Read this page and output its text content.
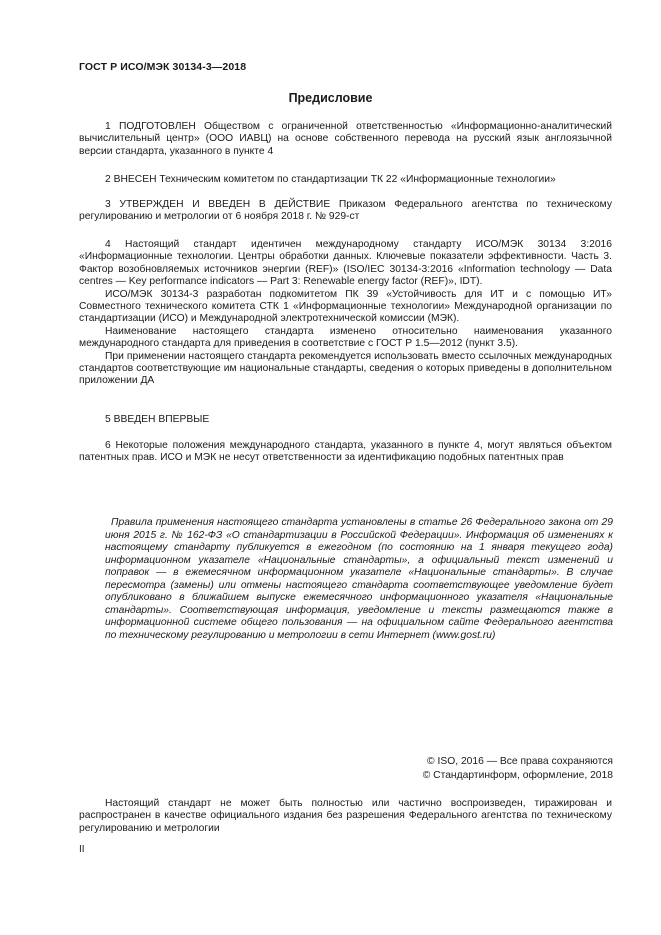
ГОСТ Р ИСО/МЭК 30134-3—2018
Предисловие

1 ПОДГОТОВЛЕН Обществом с ограниченной ответственностью «Информационно-аналитический вычислительный центр» (ООО ИАВЦ) на основе собственного перевода на русский язык англоязычной версии стандарта, указанного в пункте 4

2 ВНЕСЕН Техническим комитетом по стандартизации ТК 22 «Информационные технологии»

3 УТВЕРЖДЕН И ВВЕДЕН В ДЕЙСТВИЕ Приказом Федерального агентства по техническому регулированию и метрологии от 6 ноября 2018 г. № 929-ст

4 Настоящий стандарт идентичен международному стандарту ИСО/МЭК 30134 3:2016 «Информационные технологии. Центры обработки данных. Ключевые показатели эффективности. Часть 3. Фактор возобновляемых источников энергии (REF)» (ISO/IEC 30134-3:2016 «Information technology — Data centres — Key performance indicators — Part 3: Renewable energy factor (REF)», IDT).

ИСО/МЭК 30134-3 разработан подкомитетом ПК 39 «Устойчивость для ИТ и с помощью ИТ» Совместного технического комитета СТК 1 «Информационные технологии» Международной организации по стандартизации (ИСО) и Международной электротехнической комиссии (МЭК).

Наименование настоящего стандарта изменено относительно наименования указанного международного стандарта для приведения в соответствие с ГОСТ Р 1.5—2012 (пункт 3.5).

При применении настоящего стандарта рекомендуется использовать вместо ссылочных международных стандартов соответствующие им национальные стандарты, сведения о которых приведены в дополнительном приложении ДА

5 ВВЕДЕН ВПЕРВЫЕ

6 Некоторые положения международного стандарта, указанного в пункте 4, могут являться объектом патентных прав. ИСО и МЭК не несут ответственности за идентификацию подобных патентных прав

Правила применения настоящего стандарта установлены в статье 26 Федерального закона от 29 июня 2015 г. № 162-ФЗ «О стандартизации в Российской Федерации». Информация об изменениях к настоящему стандарту публикуется в ежегодном (по состоянию на 1 января текущего года) информационном указателе «Национальные стандарты», а официальный текст изменений и поправок — в ежемесячном информационном указателе «Национальные стандарты». В случае пересмотра (замены) или отмены настоящего стандарта соответствующее уведомление будет опубликовано в ближайшем выпуске ежемесячного информационного указателя «Национальные стандарты». Соответствующая информация, уведомление и тексты размещаются также в информационной системе общего пользования — на официальном сайте Федерального агентства по техническому регулированию и метрологии в сети Интернет (www.gost.ru)

© ISO, 2016 — Все права сохраняются
© Стандартинформ, оформление, 2018

Настоящий стандарт не может быть полностью или частично воспроизведен, тиражирован и распространен в качестве официального издания без разрешения Федерального агентства по техническому регулированию и метрологии

II
